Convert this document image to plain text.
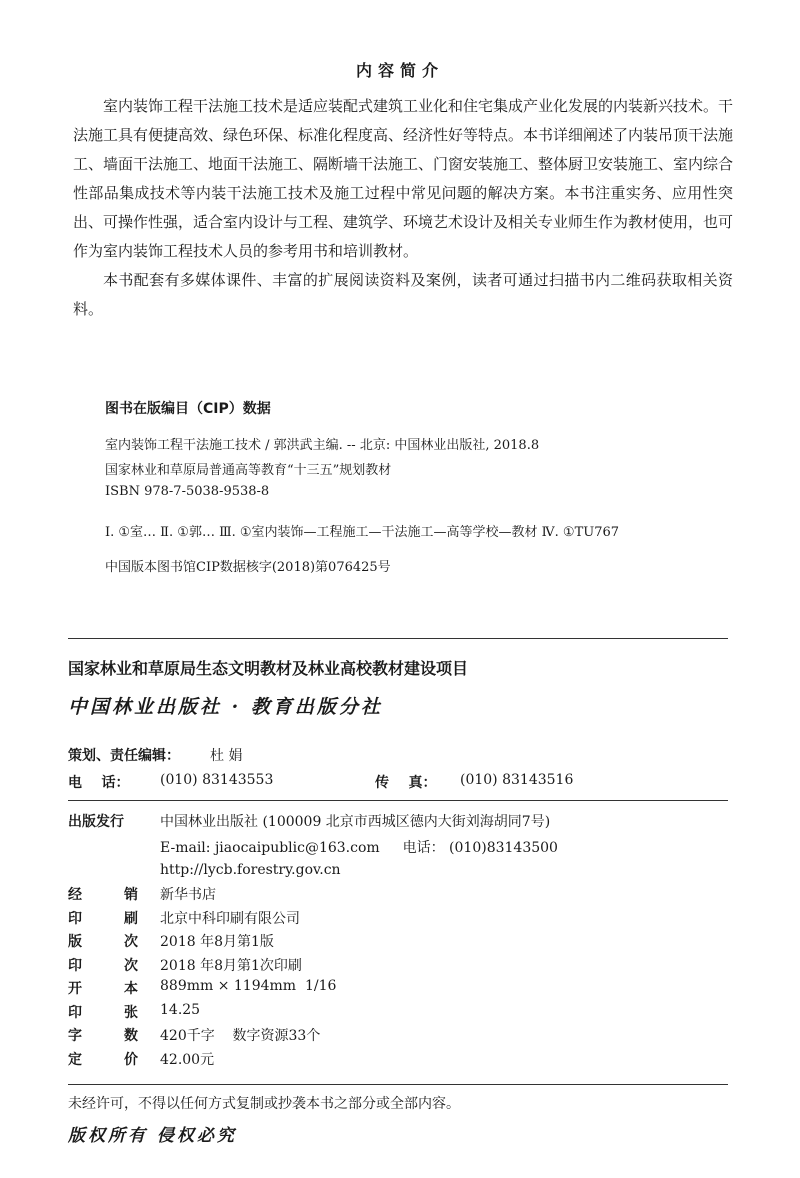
内容简介

室内装饰工程干法施工技术是适应装配式建筑工业化和住宅集成产业化发展的内装新兴技术。干法施工具有便捷高效、绿色环保、标准化程度高、经济性好等特点。本书详细阐述了内装吊顶干法施工、墙面干法施工、地面干法施工、隔断墙干法施工、门窗安装施工、整体厨卫安装施工、室内综合性部品集成技术等内装干法施工技术及施工过程中常见问题的解决方案。本书注重实务、应用性突出、可操作性强，适合室内设计与工程、建筑学、环境艺术设计及相关专业师生作为教材使用，也可作为室内装饰工程技术人员的参考用书和培训教材。

本书配套有多媒体课件、丰富的扩展阅读资料及案例，读者可通过扫描书内二维码获取相关资料。

图书在版编目（CIP）数据
室内装饰工程干法施工技术 / 郭洪武主编. -- 北京: 中国林业出版社, 2018.8
国家林业和草原局普通高等教育“十三五”规划教材
ISBN 978-7-5038-9538-8
Ⅰ. ①室… Ⅱ. ①郭… Ⅲ. ①室内装饰—工程施工—干法施工—高等学校—教材 Ⅳ. ①TU767
中国版本图书馆CIP数据核字(2018)第076425号
国家林业和草原局生态文明教材及林业高校教材建设项目
中国林业出版社 · 教育出版分社
策划、责任编辑： 杜 娟
电    话： (010) 83143553	传    真： (010) 83143516
出版发行	中国林业出版社 (100009 北京市西城区德内大街刘海胡同7号)
E-mail: jiaocaipublic@163.com 电话： (010)83143500
http://lycb.forestry.gov.cn
经	销 新华书店
印	刷 北京中科印刷有限公司
版	次 2018 年8月第1版
印	次 2018 年8月第1次印刷
开	本 889mm × 1194mm  1/16
印	张 14.25
字	数 420千字    数字资源33个
定	价 42.00元
未经许可，不得以任何方式复制或抄袭本书之部分或全部内容。
版权所有 侵权必究
